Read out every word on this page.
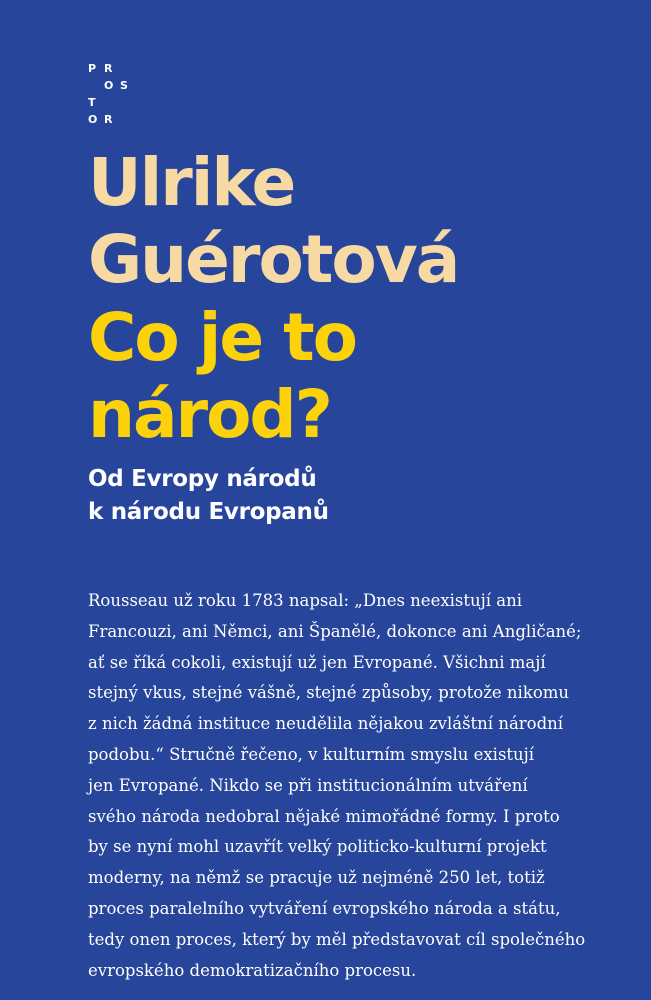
P R
O S
T
O R
Ulrike
Guérotová
Co je to
národ?
Od Evropy národů
k národu Evropanů
Rousseau už roku 1783 napsal: „Dnes neexistují ani
Francouzi, ani Němci, ani Španělé, dokonce ani Angličané;
ať se říká cokoli, existují už jen Evropané. Všichni mají
stejný vkus, stejné vášně, stejné způsoby, protože nikomu
z nich žádná instituce neudělila nějakou zvláštní národní
podobu.“ Stručně řečeno, v kulturním smyslu existují
jen Evropané. Nikdo se při institucionálním utváření
svého národa nedobral nějaké mimořádné formy. I proto
by se nyní mohl uzavřít velký politicko-kulturní projekt
moderny, na němž se pracuje už nejméně 250 let, totiž
proces paralelního vytváření evropského národa a státu,
tedy onen proces, který by měl představovat cíl společného
evropského demokratizačního procesu.
